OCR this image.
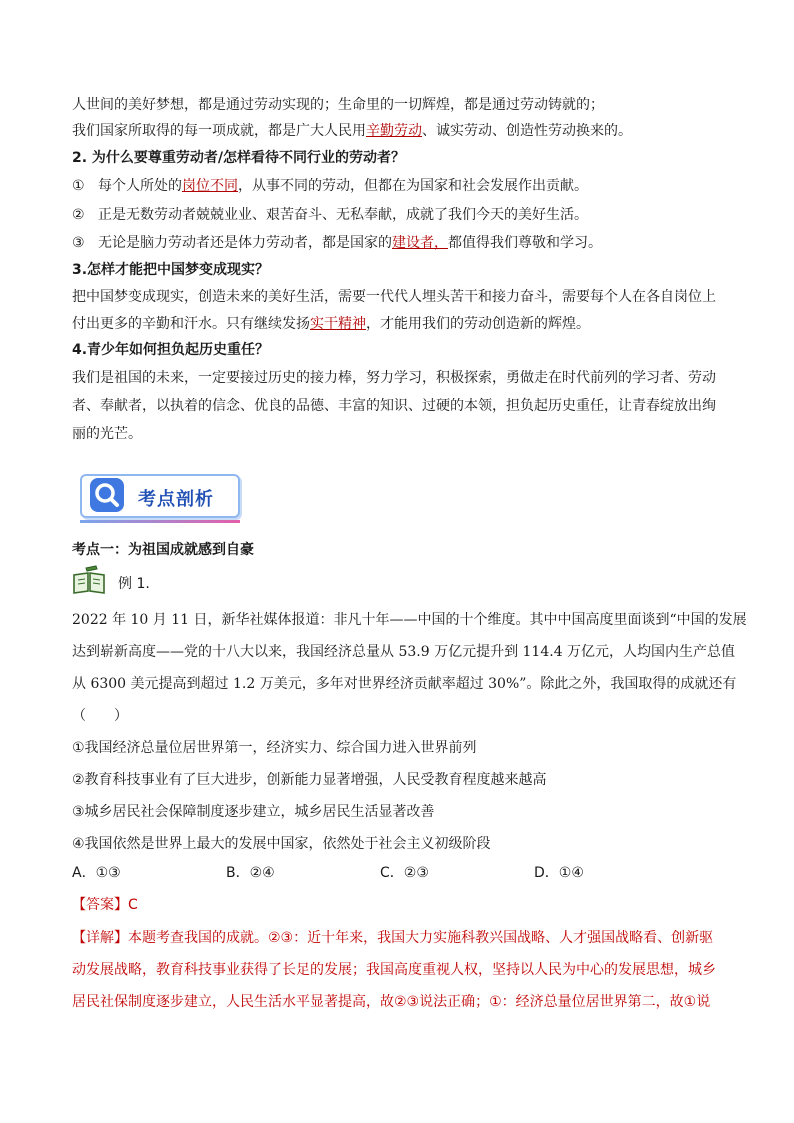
人世间的美好梦想，都是通过劳动实现的；生命里的一切辉煌，都是通过劳动铸就的；
我们国家所取得的每一项成就，都是广大人民用辛勤劳动、诚实劳动、创造性劳动换来的。
2. 为什么要尊重劳动者/怎样看待不同行业的劳动者？
① 每个人所处的岗位不同，从事不同的劳动，但都在为国家和社会发展作出贡献。
② 正是无数劳动者兢兢业业、艰苦奋斗、无私奉献，成就了我们今天的美好生活。
③ 无论是脑力劳动者还是体力劳动者，都是国家的建设者，都值得我们尊敬和学习。
3.怎样才能把中国梦变成现实？
把中国梦变成现实，创造未来的美好生活，需要一代代人埋头苦干和接力奋斗，需要每个人在各自岗位上
付出更多的辛勤和汗水。只有继续发扬实干精神，才能用我们的劳动创造新的辉煌。
4.青少年如何担负起历史重任？
我们是祖国的未来，一定要接过历史的接力棒，努力学习，积极探索，勇做走在时代前列的学习者、劳动
者、奉献者，以执着的信念、优良的品德、丰富的知识、过硬的本领，担负起历史重任，让青春绽放出绚
丽的光芒。
考点剖析
考点一：为祖国成就感到自豪
例 1.
2022 年 10 月 11 日，新华社媒体报道：非凡十年——中国的十个维度。其中中国高度里面谈到“中国的发展
达到崭新高度——党的十八大以来，我国经济总量从 53.9 万亿元提升到 114.4 万亿元，人均国内生产总值
从 6300 美元提高到超过 1.2 万美元，多年对世界经济贡献率超过 30%”。除此之外，我国取得的成就还有
（　　）
①我国经济总量位居世界第一，经济实力、综合国力进入世界前列
②教育科技事业有了巨大进步，创新能力显著增强，人民受教育程度越来越高
③城乡居民社会保障制度逐步建立，城乡居民生活显著改善
④我国依然是世界上最大的发展中国家，依然处于社会主义初级阶段
A．①③	B．②④	C．②③	D．①④
【答案】C
【详解】本题考查我国的成就。②③：近十年来，我国大力实施科教兴国战略、人才强国战略看、创新驱
动发展战略，教育科技事业获得了长足的发展；我国高度重视人权，坚持以人民为中心的发展思想，城乡
居民社保制度逐步建立，人民生活水平显著提高，故②③说法正确；①：经济总量位居世界第二，故①说
